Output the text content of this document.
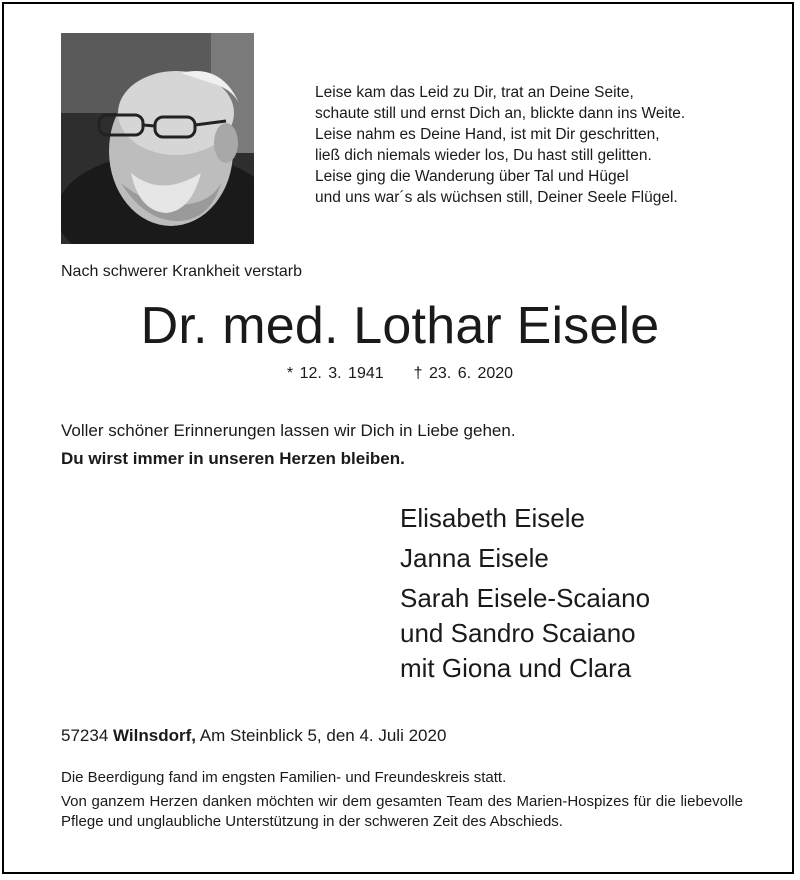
Leise kam das Leid zu Dir, trat an Deine Seite,
schaute still und ernst Dich an, blickte dann ins Weite.
Leise nahm es Deine Hand, ist mit Dir geschritten,
ließ dich niemals wieder los, Du hast still gelitten.
Leise ging die Wanderung über Tal und Hügel
und uns war´s als wüchsen still, Deiner Seele Flügel.
Nach schwerer Krankheit verstarb
Dr. med. Lothar Eisele
* 12. 3. 1941 † 23. 6. 2020
Voller schöner Erinnerungen lassen wir Dich in Liebe gehen.
Du wirst immer in unseren Herzen bleiben.
Elisabeth Eisele
Janna Eisele
Sarah Eisele-Scaiano
und Sandro Scaiano
mit Giona und Clara
57234 Wilnsdorf, Am Steinblick 5, den 4. Juli 2020

Die Beerdigung fand im engsten Familien- und Freundeskreis statt.

Von ganzem Herzen danken möchten wir dem gesamten Team des Marien-Hospizes für die liebevolle Pflege und unglaubliche Unterstützung in der schweren Zeit des Abschieds.
